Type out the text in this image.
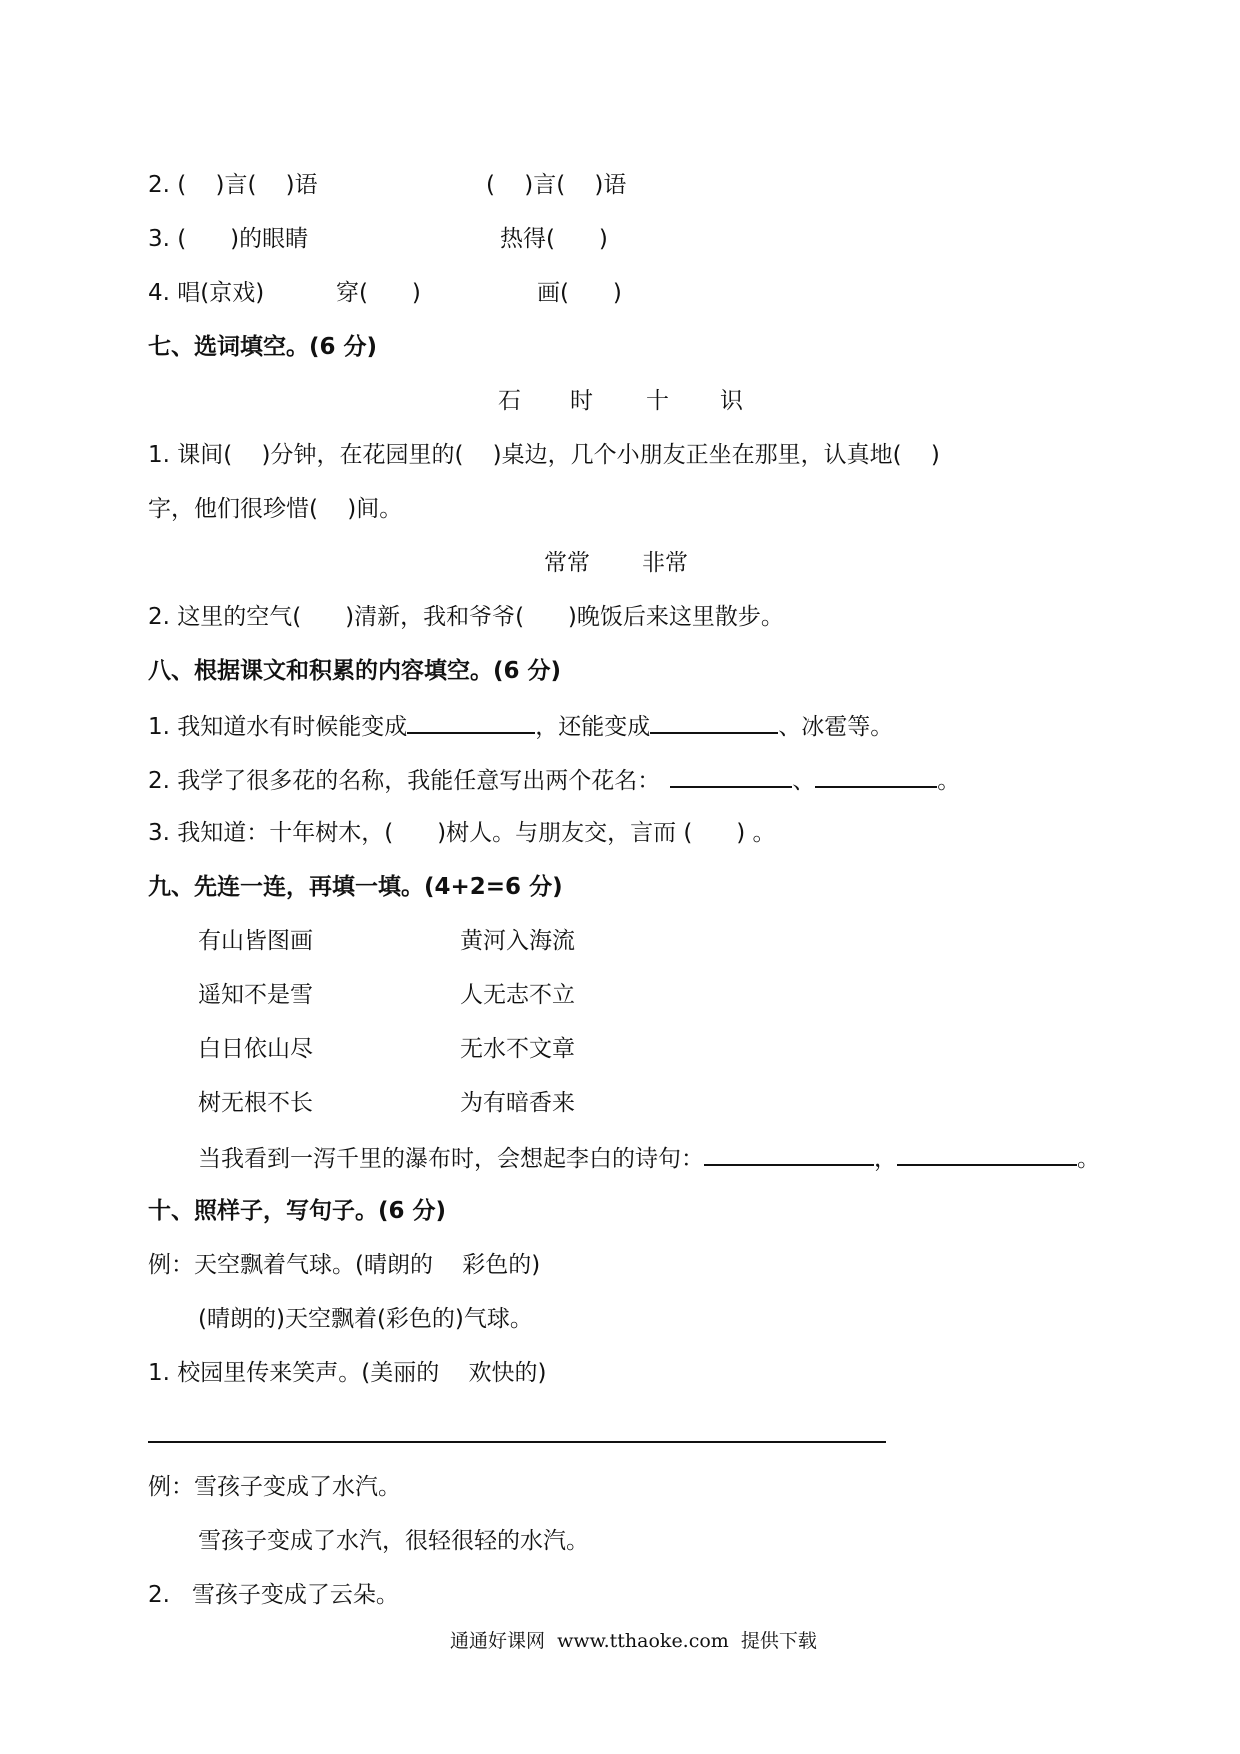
2. (    )言(    )语	(    )言(    )语
3. (      )的眼睛	热得(      )
4. 唱(京戏)	穿(      )	画(      )
七、选词填空。(6 分)
石 时 十 识
1. 课间(    )分钟，在花园里的(    )桌边，几个小朋友正坐在那里，认真地(    )
字，他们很珍惜(    )间。
常常 非常
2. 这里的空气(      )清新，我和爷爷(      )晚饭后来这里散步。
八、根据课文和积累的内容填空。(6 分)
1. 我知道水有时候能变成	，还能变成	、冰雹等。
2. 我学了很多花的名称，我能任意写出两个花名：	、	。
3. 我知道：十年树木，(      )树人。与朋友交，言而 (      ) 。
九、先连一连，再填一填。(4+2=6 分)
有山皆图画	黄河入海流
遥知不是雪	人无志不立
白日依山尽	无水不文章
树无根不长	为有暗香来
当我看到一泻千里的瀑布时，会想起李白的诗句：	，	。
十、照样子，写句子。(6 分)
例：天空飘着气球。(晴朗的    彩色的)
(晴朗的)天空飘着(彩色的)气球。
1. 校园里传来笑声。(美丽的    欢快的)
例：雪孩子变成了水汽。
雪孩子变成了水汽，很轻很轻的水汽。
2.   雪孩子变成了云朵。
通通好课网  www.tthaoke.com  提供下载
